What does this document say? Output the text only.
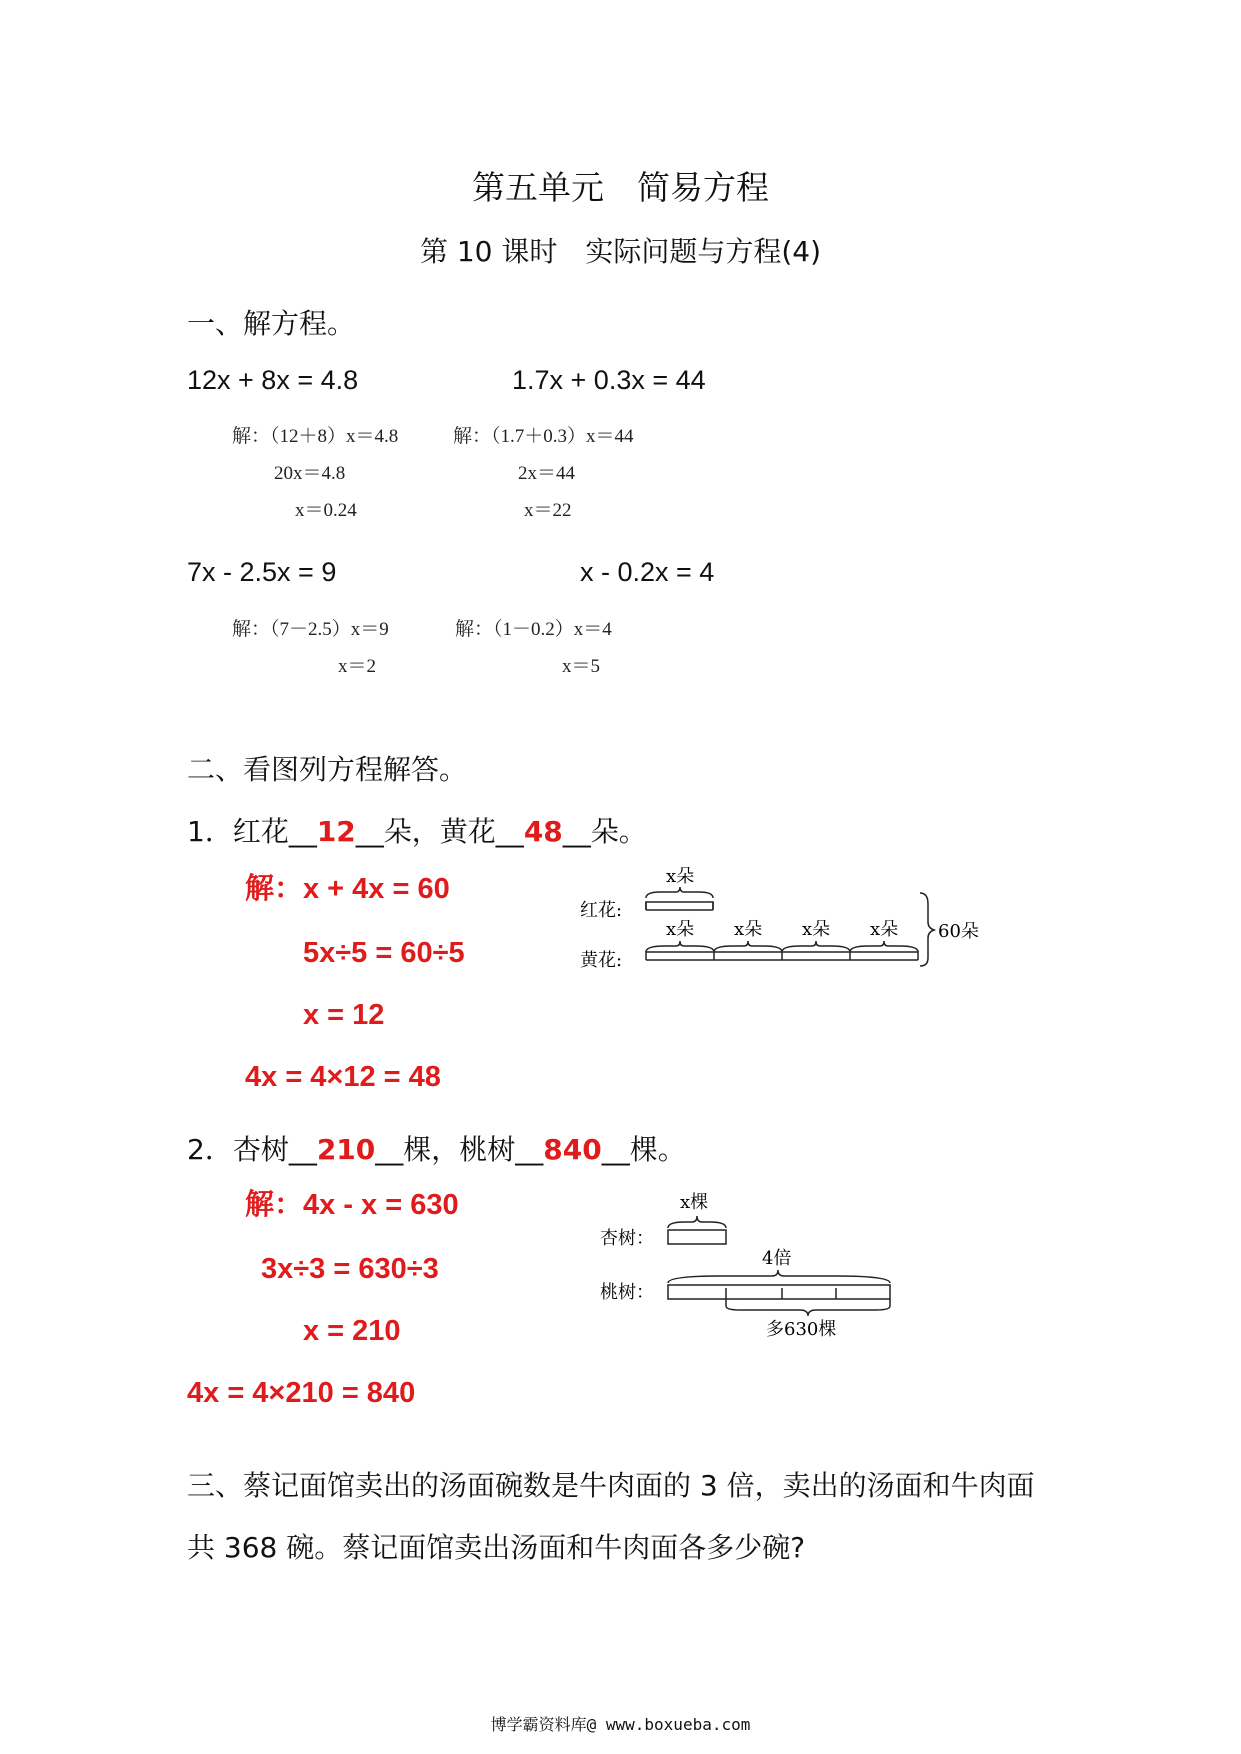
第五单元　简易方程
第 10 课时　实际问题与方程(4)
一、解方程。
12x + 8x = 4.8	1.7x + 0.3x = 44
解：（12＋8）x＝4.8	解：（1.7＋0.3）x＝44
20x＝4.8	2x＝44
x＝0.24	x＝22
7x - 2.5x = 9	x - 0.2x = 4
解：（7－2.5）x＝9	解：（1－0.2）x＝4
x＝2	x＝5
二、看图列方程解答。
1．红花__12__朵，黄花__48__朵。
解：x + 4x = 60
5x÷5 = 60÷5
x = 12
4x = 4×12 = 48
x朵
红花:
x朵 x朵 x朵 x朵
黄花:
60朵
2．杏树__210__棵，桃树__840__棵。
解：4x - x = 630
3x÷3 = 630÷3
x = 210
4x = 4×210 = 840
x棵
杏树：
4倍
桃树：
多630棵
三、蔡记面馆卖出的汤面碗数是牛肉面的 3 倍，卖出的汤面和牛肉面
共 368 碗。蔡记面馆卖出汤面和牛肉面各多少碗?
博学霸资料库@ www.boxueba.com
